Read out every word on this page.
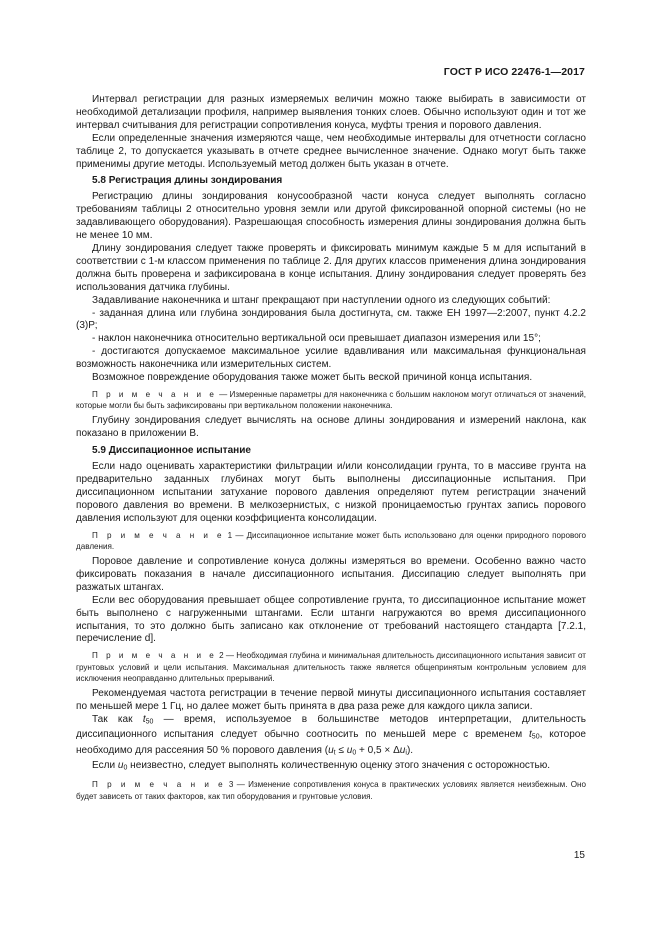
ГОСТ Р ИСО 22476-1—2017

Интервал регистрации для разных измеряемых величин можно также выбирать в зависимости от необходимой детализации профиля, например выявления тонких слоев. Обычно используют один и тот же интервал считывания для регистрации сопротивления конуса, муфты трения и порового давления.

Если определенные значения измеряются чаще, чем необходимые интервалы для отчетности согласно таблице 2, то допускается указывать в отчете среднее вычисленное значение. Однако могут быть также применимы другие методы. Используемый метод должен быть указан в отчете.

5.8 Регистрация длины зондирования

Регистрацию длины зондирования конусообразной части конуса следует выполнять согласно требованиям таблицы 2 относительно уровня земли или другой фиксированной опорной системы (но не задавливающего оборудования). Разрешающая способность измерения длины зондирования должна быть не менее 10 мм.

Длину зондирования следует также проверять и фиксировать минимум каждые 5 м для испытаний в соответствии с 1-м классом применения по таблице 2. Для других классов применения длина зондирования должна быть проверена и зафиксирована в конце испытания. Длину зондирования следует проверять без использования датчика глубины.

Задавливание наконечника и штанг прекращают при наступлении одного из следующих событий:

- заданная длина или глубина зондирования была достигнута, см. также ЕН 1997—2:2007, пункт 4.2.2 (3)Р;

- наклон наконечника относительно вертикальной оси превышает диапазон измерения или 15°;

- достигаются допускаемое максимальное усилие вдавливания или максимальная функциональная возможность наконечника или измерительных систем.

Возможное повреждение оборудования также может быть веской причиной конца испытания.

П р и м е ч а н и е — Измеренные параметры для наконечника с большим наклоном могут отличаться от значений, которые могли бы быть зафиксированы при вертикальном положении наконечника.

Глубину зондирования следует вычислять на основе длины зондирования и измерений наклона, как показано в приложении В.

5.9 Диссипационное испытание

Если надо оценивать характеристики фильтрации и/или консолидации грунта, то в массиве грунта на предварительно заданных глубинах могут быть выполнены диссипационные испытания. При диссипационном испытании затухание порового давления определяют путем регистрации значений порового давления во времени. В мелкозернистых, с низкой проницаемостью грунтах запись порового давления используют для оценки коэффициента консолидации.

П р и м е ч а н и е 1 — Диссипационное испытание может быть использовано для оценки природного порового давления.

Поровое давление и сопротивление конуса должны измеряться во времени. Особенно важно часто фиксировать показания в начале диссипационного испытания. Диссипацию следует выполнять при разжатых штангах.

Если вес оборудования превышает общее сопротивление грунта, то диссипационное испытание может быть выполнено с нагруженными штангами. Если штанги нагружаются во время диссипационного испытания, то это должно быть записано как отклонение от требований настоящего стандарта [7.2.1, перечисление d].

П р и м е ч а н и е 2 — Необходимая глубина и минимальная длительность диссипационного испытания зависит от грунтовых условий и цели испытания. Максимальная длительность также является общепринятым контрольным условием для исключения неоправданно длительных прерываний.

Рекомендуемая частота регистрации в течение первой минуты диссипационного испытания составляет по меньшей мере 1 Гц, но далее может быть принята в два раза реже для каждого цикла записи.

Так как t50 — время, используемое в большинстве методов интерпретации, длительность диссипационного испытания следует обычно соотносить по меньшей мере с временем t50, которое необходимо для рассеяния 50 % порового давления (ut ≤ u0 + 0,5 × Δui).

Если u0 неизвестно, следует выполнять количественную оценку этого значения с осторожностью.

П р и м е ч а н и е 3 — Изменение сопротивления конуса в практических условиях является неизбежным. Оно будет зависеть от таких факторов, как тип оборудования и грунтовые условия.
15
